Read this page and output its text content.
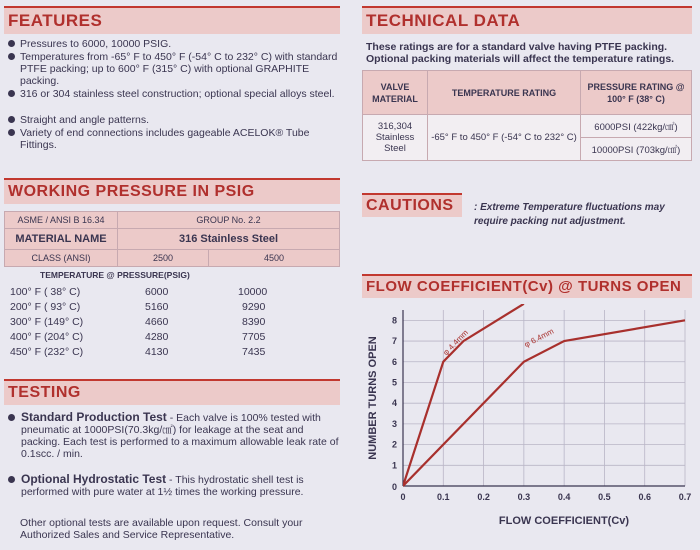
FEATURES
Pressures to 6000, 10000 PSIG.
Temperatures from -65° F to 450° F (-54° C to 232° C) with standard PTFE packing; up to 600° F (315° C) with optional GRAPHITE packing.
316 or 304 stainless steel construction; optional special alloys steel.
Straight and angle patterns.
Variety of end connections includes gageable ACELOK® Tube Fittings.
TECHNICAL DATA
These ratings are for a standard valve having PTFE packing. Optional packing materials will affect the temperature ratings.
VALVE MATERIAL	TEMPERATURE RATING	PRESSURE RATING @ 100° F (38° C)
316,304 Stainless Steel	-65° F to 450° F (-54° C to 232° C)	6000PSI (422kg/㎠)
		10000PSI (703kg/㎠)
WORKING PRESSURE IN PSIG
ASME / ANSI B 16.34	GROUP No. 2.2	
MATERIAL NAME	316 Stainless Steel	
CLASS (ANSI)	2500	4500
TEMPERATURE @ PRESSURE(PSIG)
100° F ( 38° C)	6000	10000
200° F ( 93° C)	5160	9290
300° F (149° C)	4660	8390
400° F (204° C)	4280	7705
450° F (232° C)	4130	7435
TESTING
Standard Production Test - Each valve is 100% tested with pneumatic at 1000PSI(70.3kg/㎠) for leakage at the seat and packing. Each test is performed to a maximum allowable leak rate of 0.1scc. / min.
Optional Hydrostatic Test - This hydrostatic shell test is performed with pure water at 1½ times the working pressure.
Other optional tests are available upon request. Consult your Authorized Sales and Service Representative.
CAUTIONS	: Extreme Temperature fluctuations may require packing nut adjustment.
FLOW COEFFICIENT(Cv) @ TURNS OPEN
0	0.1	0.2	0.3	0.4	0.5	0.6	0.7
1
2
3
4
5
6
7
8
0
FLOW COEFFICIENT(Cv)
NUMBER TURNS OPEN	φ 4.4mm	φ 6.4mm
